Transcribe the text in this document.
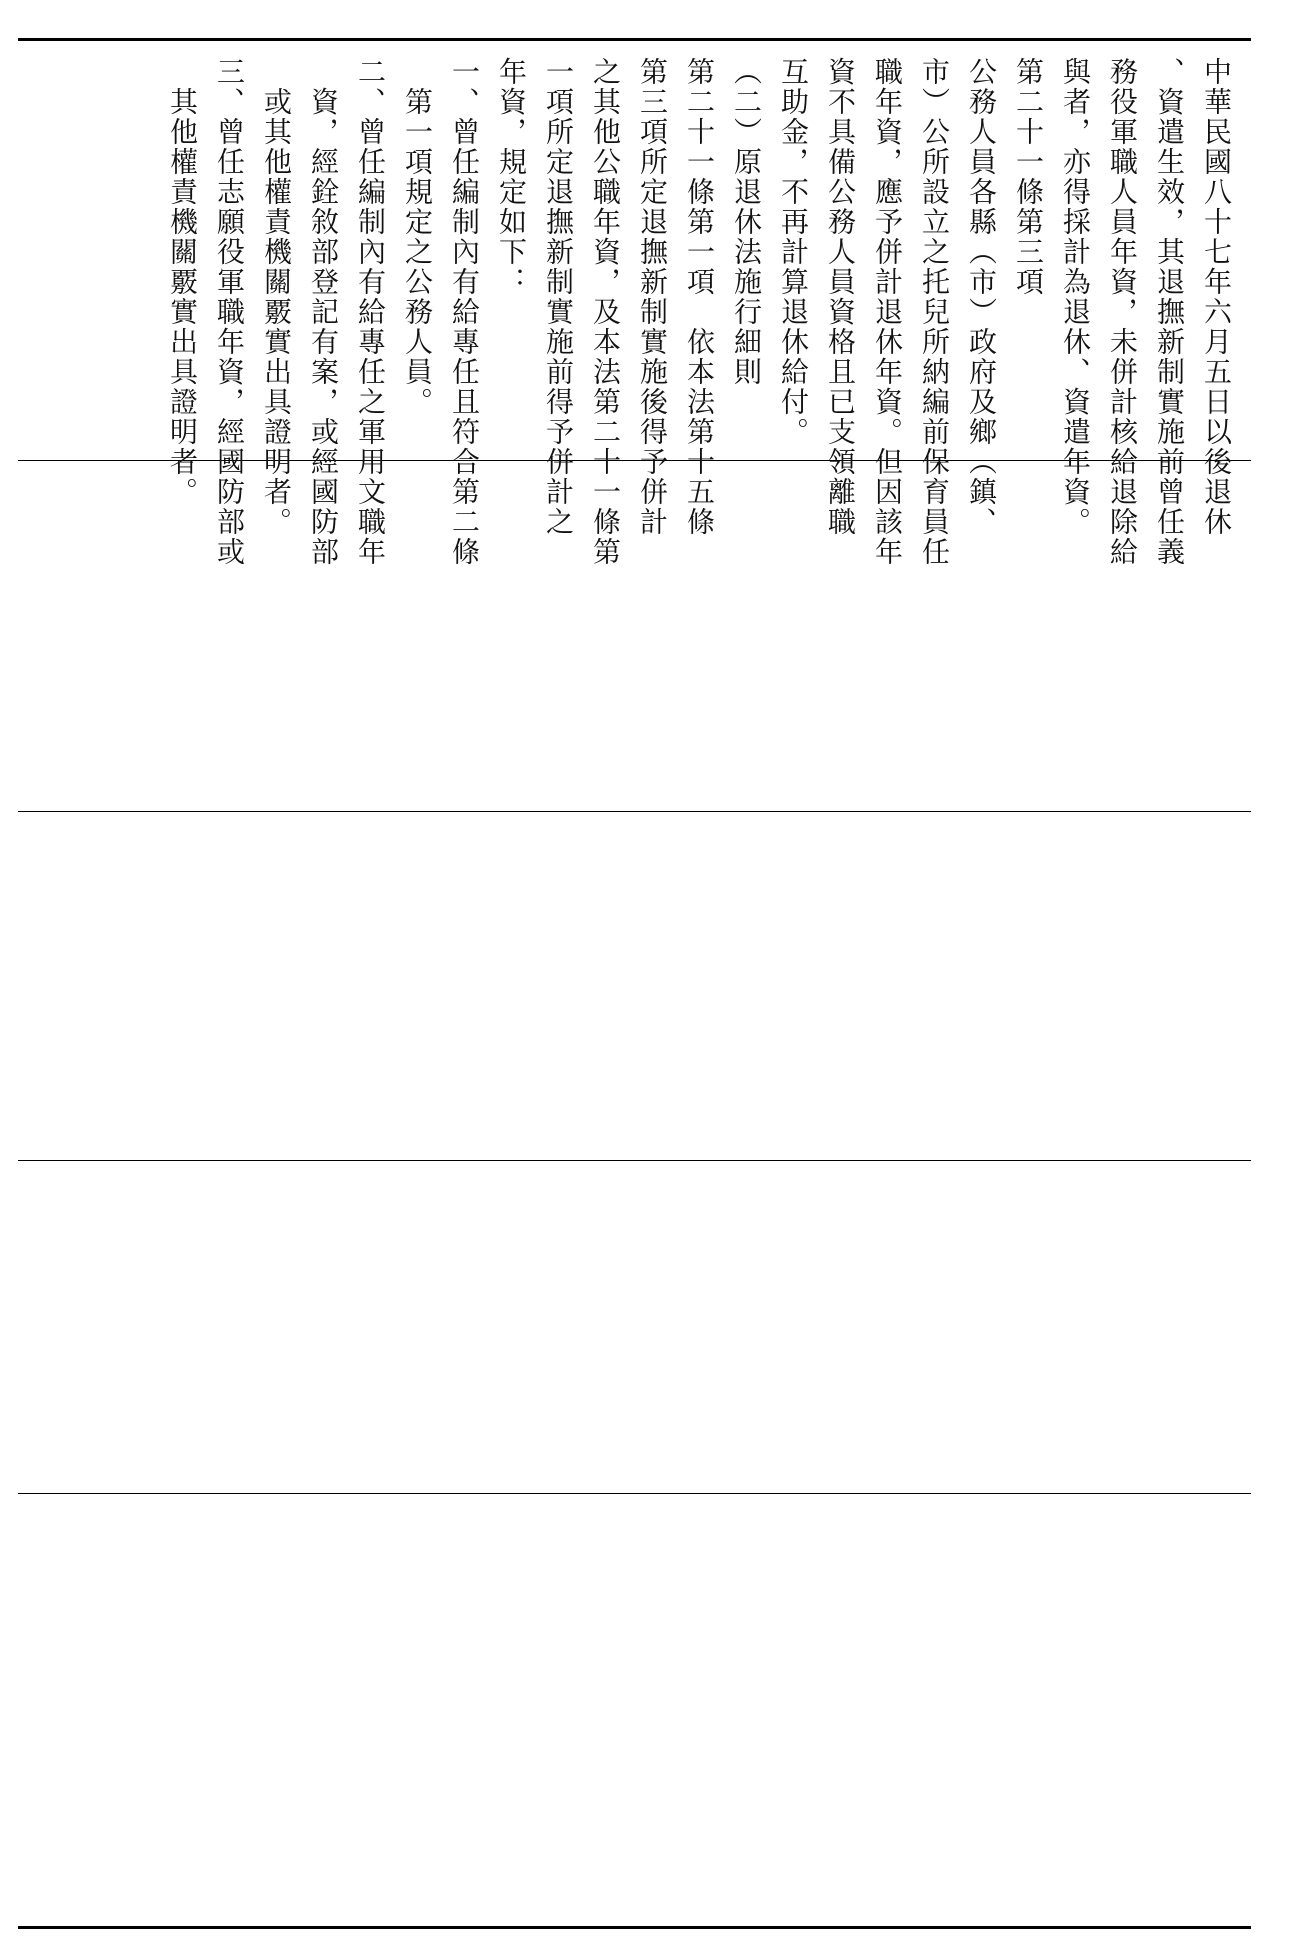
中華民國八十七年六月五日以後退休
、資遣生效，其退撫新制實施前曾任義
務役軍職人員年資，未併計核給退除給
與者，亦得採計為退休、資遣年資。
第二十一條第三項
公務人員各縣（市）政府及鄉（鎮、
市）公所設立之托兒所納編前保育員任
職年資，應予併計退休年資。但因該年
資不具備公務人員資格且已支領離職
互助金，不再計算退休給付。
（二）原退休法施行細則
第二十一條第一項　依本法第十五條
第三項所定退撫新制實施後得予併計
之其他公職年資，及本法第二十一條第
一項所定退撫新制實施前得予併計之
年資，規定如下：
一、曾任編制內有給專任且符合第二條
　第一項規定之公務人員。
二、曾任編制內有給專任之軍用文職年
　資，經銓敘部登記有案，或經國防部
　或其他權責機關覈實出具證明者。
三、曾任志願役軍職年資，經國防部或
　其他權責機關覈實出具證明者。
